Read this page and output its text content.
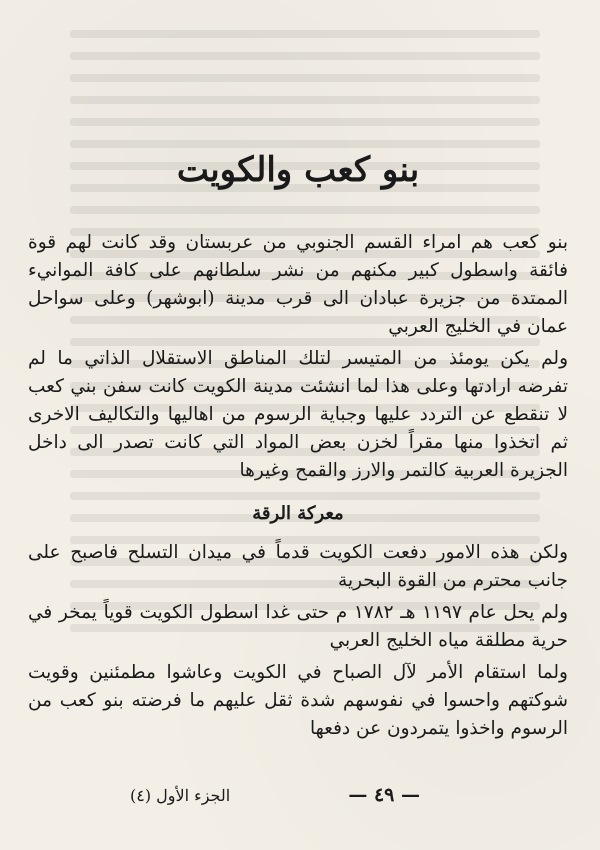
بنو كعب والكويت

بنو كعب هم امراء القسم الجنوبي من عربستان وقد كانت لهم قوة فائقة واسطول كبير مكنهم من نشر سلطانهم على كافة الموانيء الممتدة من جزيرة عبادان الى قرب مدينة (ابوشهر) وعلى سواحل عمان في الخليج العربي

ولم يكن يومئذ من المتيسر لتلك المناطق الاستقلال الذاتي ما لم تفرضه ارادتها وعلى هذا لما انشئت مدينة الكويت كانت سفن بني كعب لا تنقطع عن التردد عليها وجباية الرسوم من اهاليها والتكاليف الاخرى ثم اتخذوا منها مقراً لخزن بعض المواد التي كانت تصدر الى داخل الجزيرة العربية كالتمر والارز والقمح وغيرها

معركة الرقة

ولكن هذه الامور دفعت الكويت قدماً في ميدان التسلح فاصبح على جانب محترم من القوة البحرية

ولم يحل عام ١١٩٧ هـ ١٧٨٢ م حتى غدا اسطول الكويت قوياً يمخر في حرية مطلقة مياه الخليج العربي

ولما استقام الأمر لآل الصباح في الكويت وعاشوا مطمئنين وقويت شوكتهم واحسوا في نفوسهم شدة ثقل عليهم ما فرضته بنو كعب من الرسوم واخذوا يتمردون عن دفعها

— ٤٩ —
الجزء الأول (٤)
